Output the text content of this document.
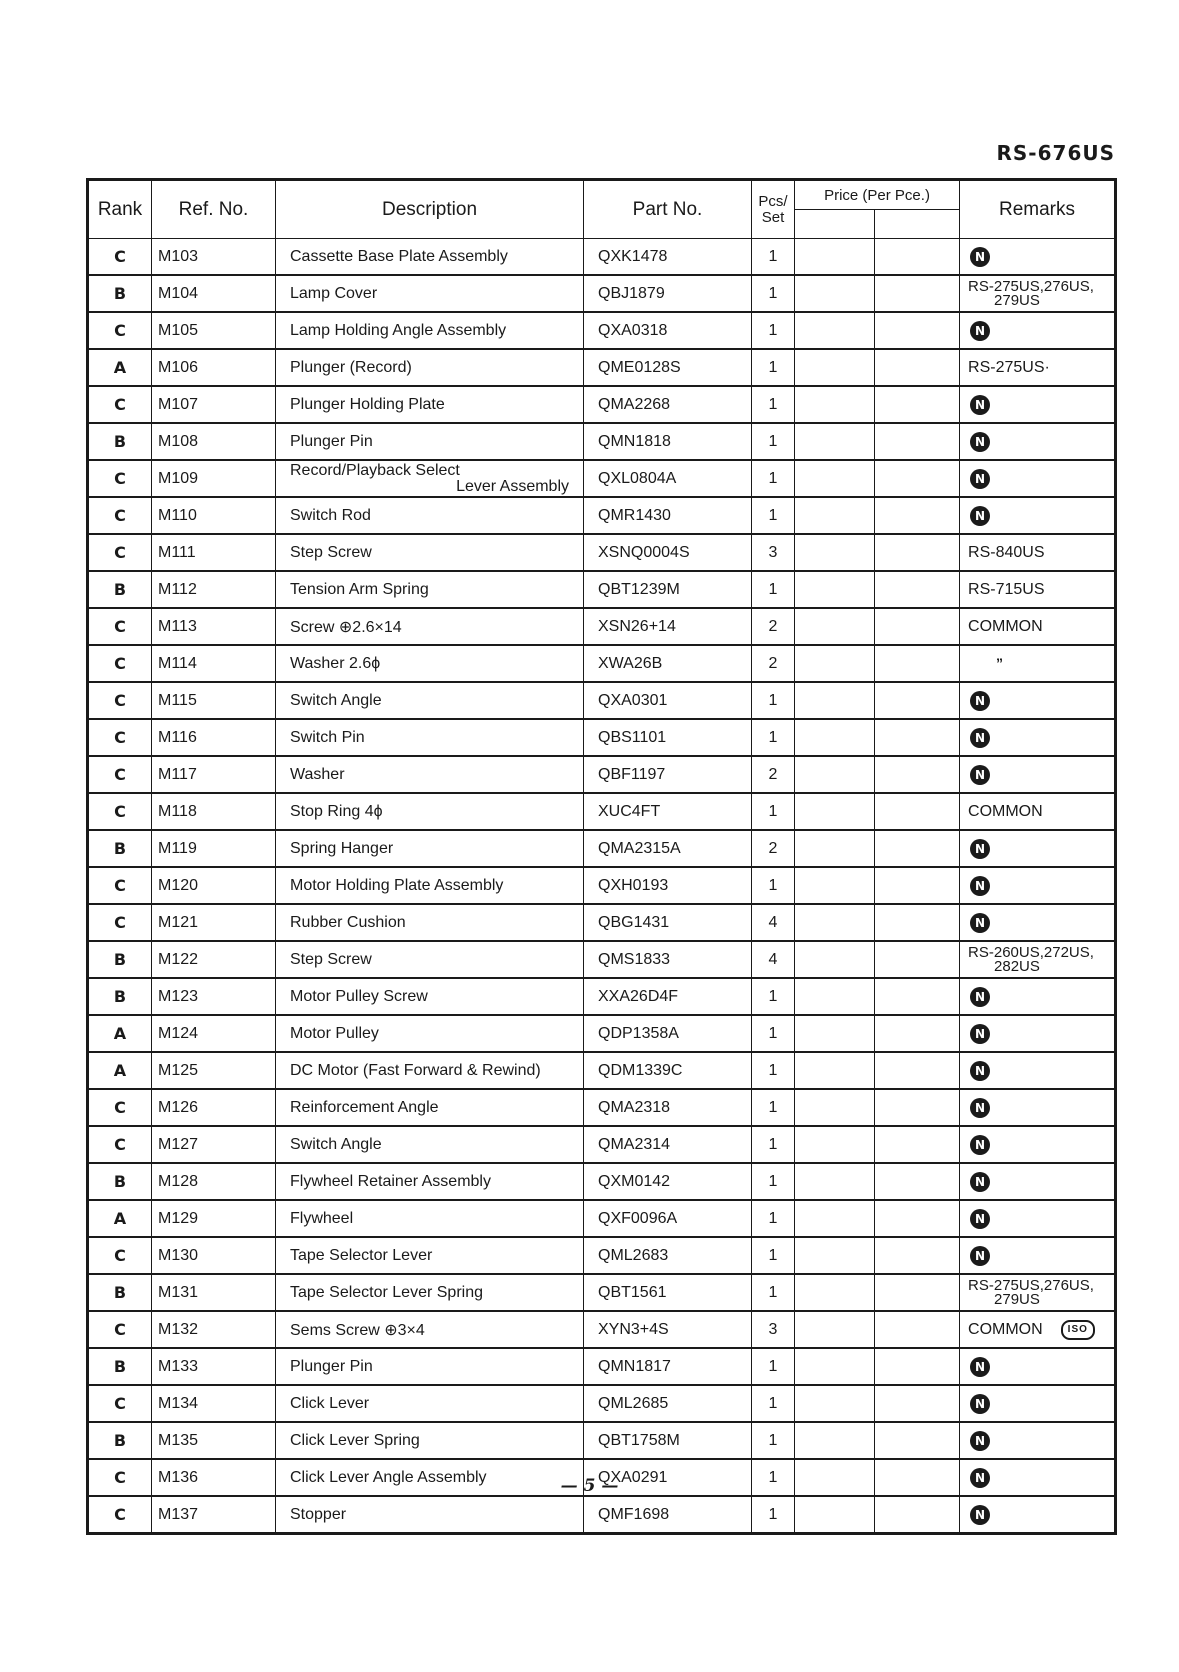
RS-676US
Rank	Ref. No.	Description	Part No.	Pcs/ Set	Price (Per Pce.)		Remarks

C	M103	Cassette Base Plate Assembly	QXK1478	1			N
B	M104	Lamp Cover	QBJ1879	1			RS-275US,276US,
279US

C	M105	Lamp Holding Angle Assembly	QXA0318	1			N
A	M106	Plunger (Record)	QME0128S	1			RS-275US·
C	M107	Plunger Holding Plate	QMA2268	1			N
B	M108	Plunger Pin	QMN1818	1			N
C	M109	Record/Playback Select
Lever Assembly	QXL0804A	1			N
C	M110	Switch Rod	QMR1430	1			N
C	M111	Step Screw	XSNQ0004S	3			RS-840US
B	M112	Tension Arm Spring	QBT1239M	1			RS-715US
C	M113	Screw ⊕2.6×14	XSN26+14	2			COMMON
C	M114	Washer 2.6ϕ	XWA26B	2			”
C	M115	Switch Angle	QXA0301	1			N
C	M116	Switch Pin	QBS1101	1			N
C	M117	Washer	QBF1197	2			N
C	M118	Stop Ring 4ϕ	XUC4FT	1			COMMON
B	M119	Spring Hanger	QMA2315A	2			N
C	M120	Motor Holding Plate Assembly	QXH0193	1			N
C	M121	Rubber Cushion	QBG1431	4			N
B	M122	Step Screw	QMS1833	4			RS-260US,272US,
282US

B	M123	Motor Pulley Screw	XXA26D4F	1			N
A	M124	Motor Pulley	QDP1358A	1			N
A	M125	DC Motor (Fast Forward & Rewind)	QDM1339C	1			N
C	M126	Reinforcement Angle	QMA2318	1			N
C	M127	Switch Angle	QMA2314	1			N
B	M128	Flywheel Retainer Assembly	QXM0142	1			N
A	M129	Flywheel	QXF0096A	1			N
C	M130	Tape Selector Lever	QML2683	1			N
B	M131	Tape Selector Lever Spring	QBT1561	1			RS-275US,276US,
279US

C	M132	Sems Screw ⊕3×4	XYN3+4S	3			COMMON ISO
B	M133	Plunger Pin	QMN1817	1			N
C	M134	Click Lever	QML2685	1			N
B	M135	Click Lever Spring	QBT1758M	1			N
C	M136	Click Lever Angle Assembly	QXA0291	1			N
C	M137	Stopper	QMF1698	1			N
— 5 —
